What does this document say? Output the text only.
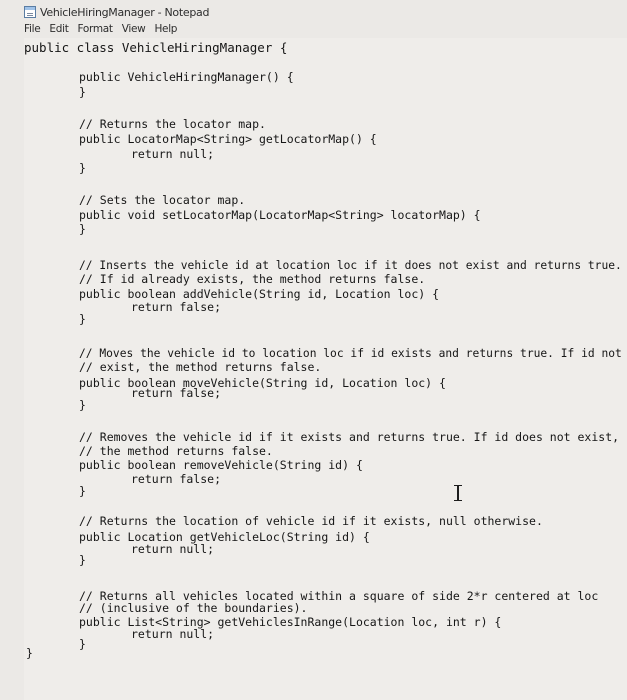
VehicleHiringManager - Notepad
File Edit Format View Help
public class VehicleHiringManager {
public VehicleHiringManager() {
}
// Returns the locator map.
public LocatorMap<String> getLocatorMap() {
return null;
}
// Sets the locator map.
public void setLocatorMap(LocatorMap<String> locatorMap) {
}
// Inserts the vehicle id at location loc if it does not exist and returns true.
// If id already exists, the method returns false.
public boolean addVehicle(String id, Location loc) {
return false;
}
// Moves the vehicle id to location loc if id exists and returns true. If id not
// exist, the method returns false.
public boolean moveVehicle(String id, Location loc) {
return false;
}
// Removes the vehicle id if it exists and returns true. If id does not exist,
// the method returns false.
public boolean removeVehicle(String id) {
return false;
}
// Returns the location of vehicle id if it exists, null otherwise.
public Location getVehicleLoc(String id) {
return null;
}
// Returns all vehicles located within a square of side 2*r centered at loc
// (inclusive of the boundaries).
public List<String> getVehiclesInRange(Location loc, int r) {
return null;
}
}
